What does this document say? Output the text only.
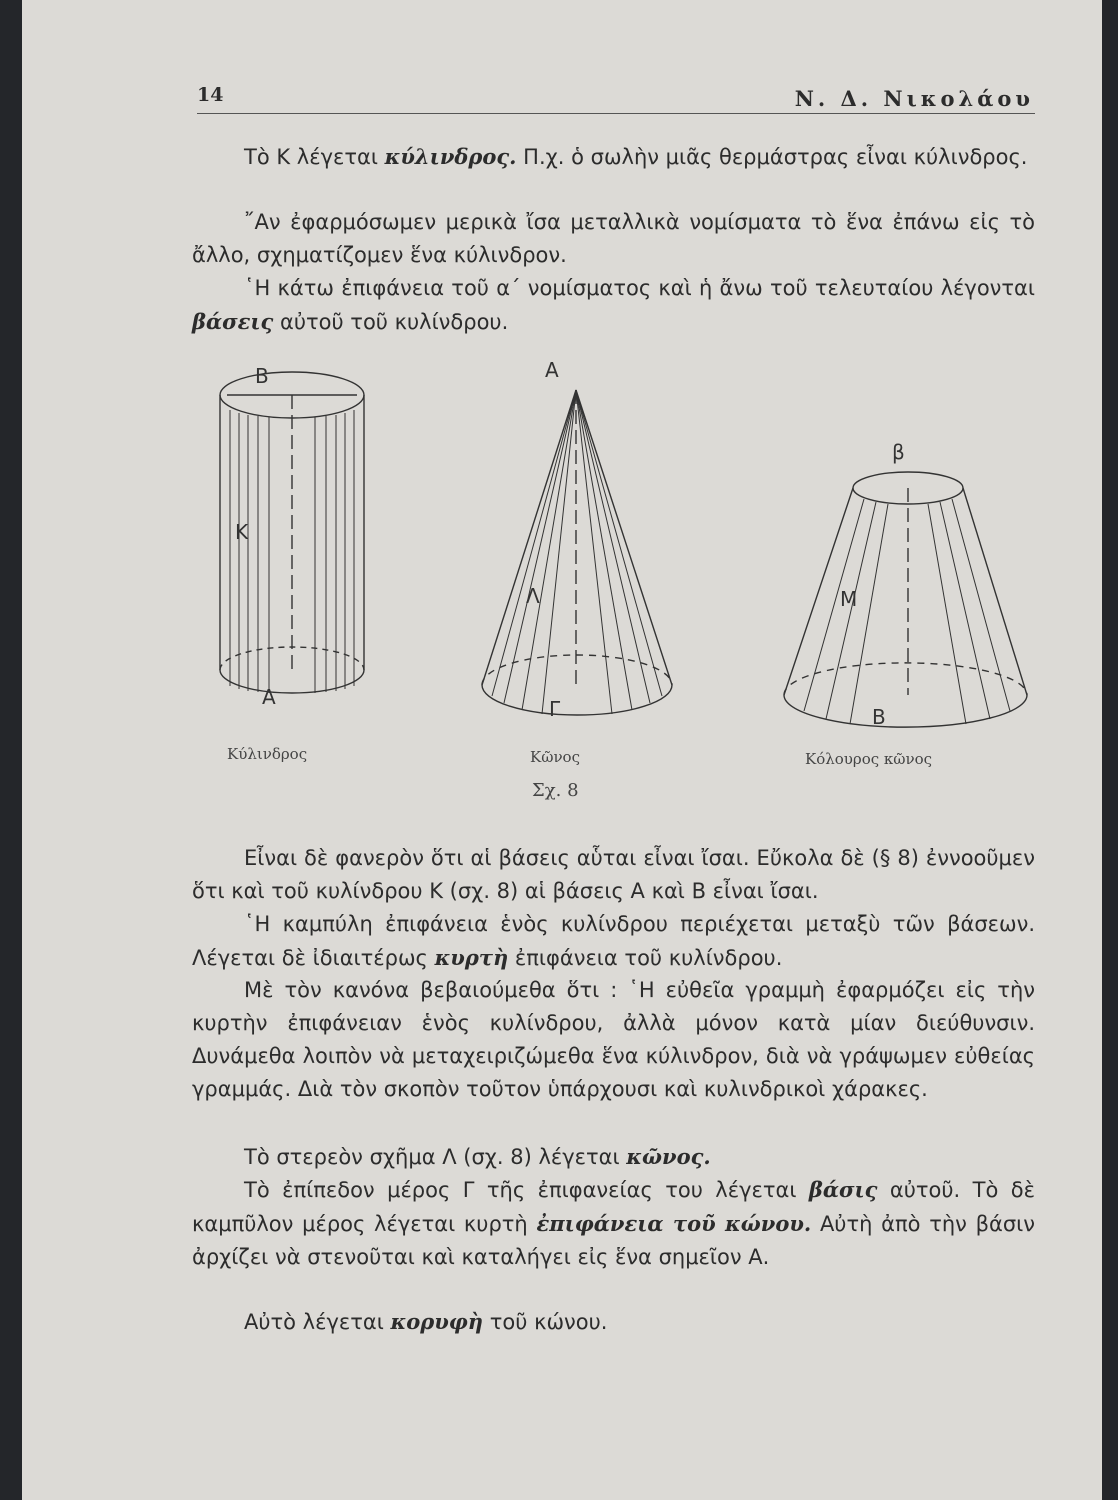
14	Ν. Δ. Νικολάου

Τὸ Κ λέγεται κύλινδρος. Π.χ. ὁ σωλὴν μιᾶς θερμάστρας εἶναι κύλινδρος.

῎Αν ἐφαρμόσωμεν μερικὰ ἴσα μεταλλικὰ νομίσματα τὸ ἕνα ἐπάνω εἰς τὸ ἄλλο, σχηματίζομεν ἕνα κύλινδρον.

῾Η κάτω ἐπιφάνεια τοῦ α΄ νομίσματος καὶ ἡ ἄνω τοῦ τελευταίου λέγονται βάσεις αὐτοῦ τοῦ κυλίνδρου.

Β
Κ
Α
Α
Λ
Γ
β
Μ
Β
Κύλινδρος	Κῶνος	Κόλουρος κῶνος
Σχ. 8

Εἶναι δὲ φανερὸν ὅτι αἱ βάσεις αὗται εἶναι ἴσαι. Εὔκολα δὲ (§ 8) ἐννοοῦμεν ὅτι καὶ τοῦ κυλίνδρου Κ (σχ. 8) αἱ βάσεις Α καὶ Β εἶναι ἴσαι.

῾Η καμπύλη ἐπιφάνεια ἑνὸς κυλίνδρου περιέχεται μεταξὺ τῶν βάσεων. Λέγεται δὲ ἰδιαιτέρως κυρτὴ ἐπιφάνεια τοῦ κυλίνδρου.

Μὲ τὸν κανόνα βεβαιούμεθα ὅτι : ῾Η εὐθεῖα γραμμὴ ἐφαρμόζει εἰς τὴν κυρτὴν ἐπιφάνειαν ἑνὸς κυλίνδρου, ἀλλὰ μόνον κατὰ μίαν διεύθυνσιν. Δυνάμεθα λοιπὸν νὰ μεταχειριζώμεθα ἕνα κύλινδρον, διὰ νὰ γράψωμεν εὐθείας γραμμάς. Διὰ τὸν σκοπὸν τοῦτον ὑπάρχουσι καὶ κυλινδρικοὶ χάρακες.

Τὸ στερεὸν σχῆμα Λ (σχ. 8) λέγεται κῶνος.

Τὸ ἐπίπεδον μέρος Γ τῆς ἐπιφανείας του λέγεται βάσις αὐτοῦ. Τὸ δὲ καμπῦλον μέρος λέγεται κυρτὴ ἐπιφάνεια τοῦ κώνου. Αὐτὴ ἀπὸ τὴν βάσιν ἀρχίζει νὰ στενοῦται καὶ καταλήγει εἰς ἕνα σημεῖον Α.

Αὐτὸ λέγεται κορυφὴ τοῦ κώνου.
